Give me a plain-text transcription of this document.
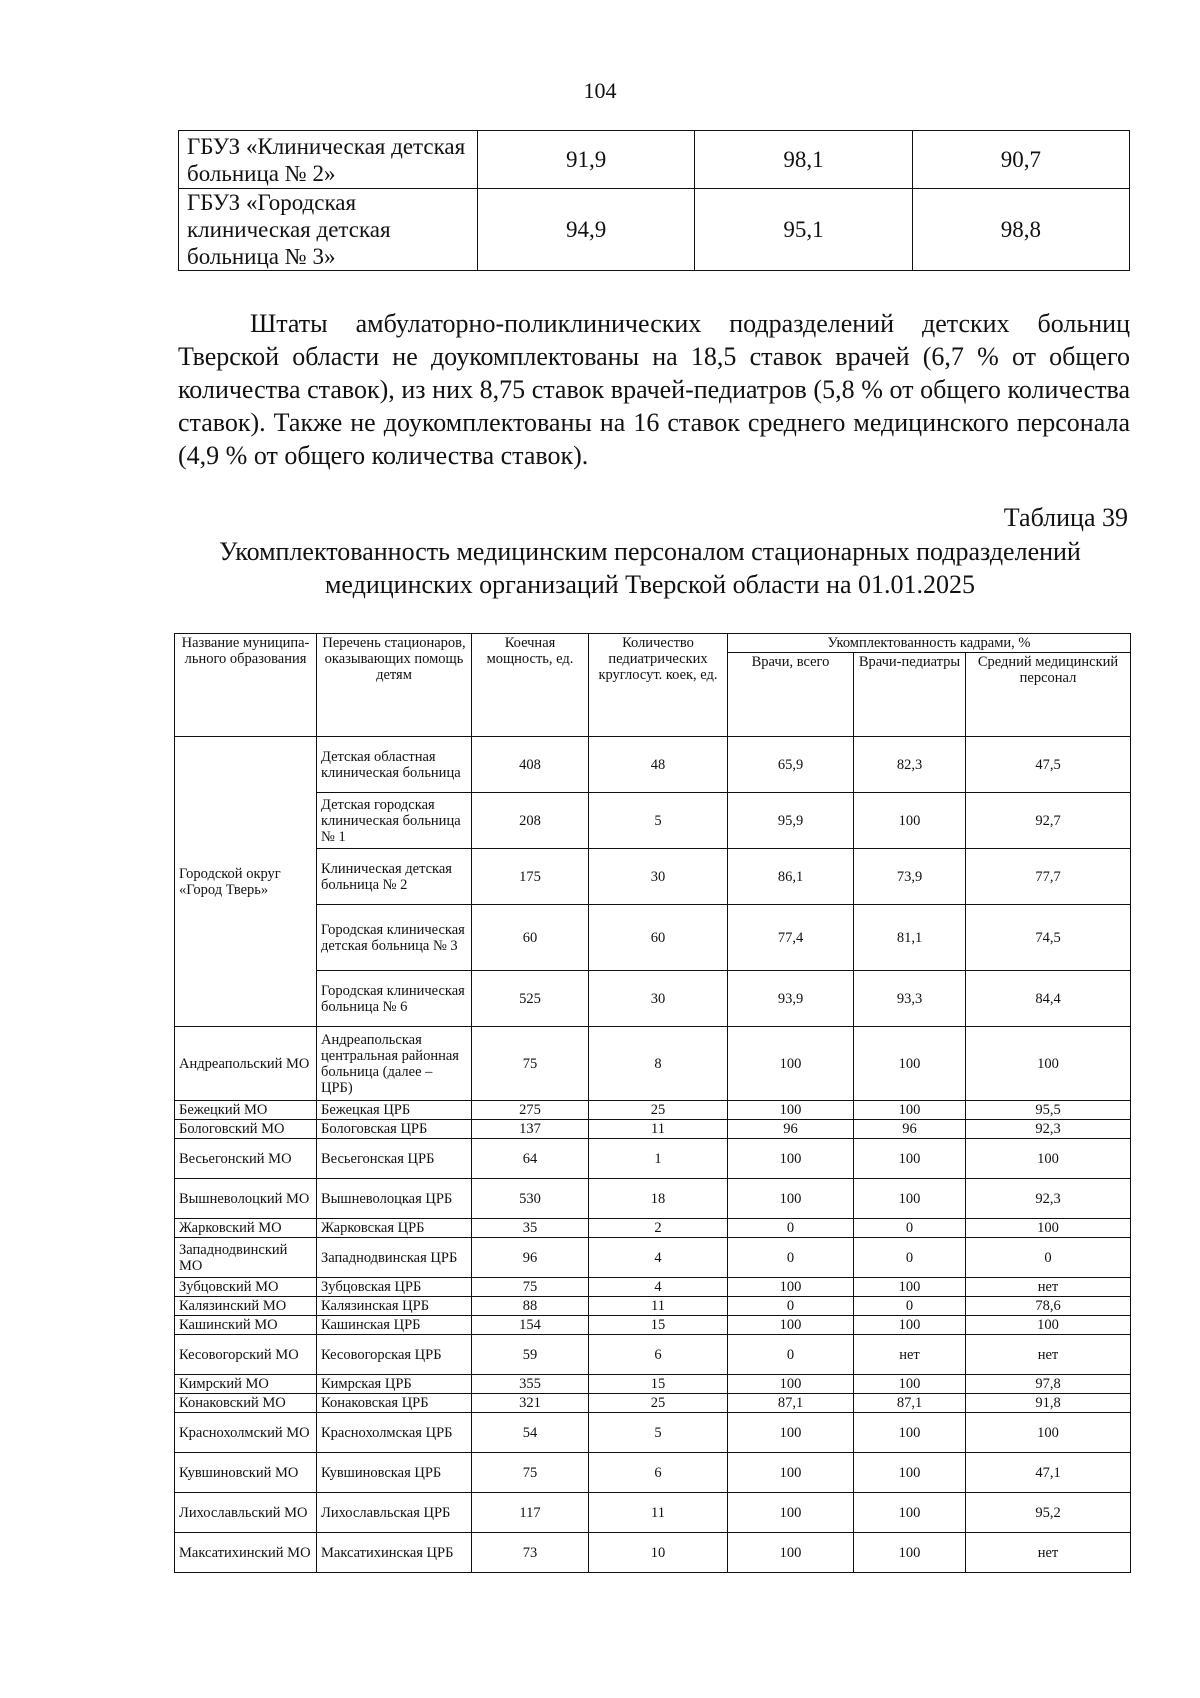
104
ГБУЗ «Клиническая детская больница № 2»	91,9	98,1	90,7
ГБУЗ «Городская клиническая детская больница № 3»	94,9	95,1	98,8

Штаты амбулаторно-поликлинических подразделений детских больниц Тверской области не доукомплектованы на 18,5 ставок врачей (6,7 % от общего количества ставок), из них 8,75 ставок врачей-педиатров (5,8 % от общего количества ставок). Также не доукомплектованы на 16 ставок среднего медицинского персонала (4,9 % от общего количества ставок).

Таблица 39
Укомплектованность медицинским персоналом стационарных подразделений медицинских организаций Тверской области на 01.01.2025
Название муниципа-льного образования	Перечень стационаров, оказывающих помощь детям	Коечная мощность, ед.	Количество педиатрических круглосут. коек, ед.	Укомплектованность кадрами, %		
				Врачи, всего	Врачи-педиатры	Средний медицинский персонал
Городской округ «Город Тверь»	Детская областная клиническая больница	408	48	65,9	82,3	47,5
	Детская городская клиническая больница № 1	208	5	95,9	100	92,7
	Клиническая детская больница № 2	175	30	86,1	73,9	77,7
	Городская клиническая детская больница № 3	60	60	77,4	81,1	74,5
	Городская клиническая больница № 6	525	30	93,9	93,3	84,4
Андреапольский МО	Андреапольская центральная районная больница (далее – ЦРБ)	75	8	100	100	100
Бежецкий МО	Бежецкая ЦРБ	275	25	100	100	95,5
Бологовский МО	Бологовская ЦРБ	137	11	96	96	92,3
Весьегонский МО	Весьегонская ЦРБ	64	1	100	100	100
Вышневолоцкий МО	Вышневолоцкая ЦРБ	530	18	100	100	92,3
Жарковский МО	Жарковская ЦРБ	35	2	0	0	100
Западнодвинский МО	Западнодвинская ЦРБ	96	4	0	0	0
Зубцовский МО	Зубцовская ЦРБ	75	4	100	100	нет
Калязинский МО	Калязинская ЦРБ	88	11	0	0	78,6
Кашинский МО	Кашинская ЦРБ	154	15	100	100	100
Кесовогорский МО	Кесовогорская ЦРБ	59	6	0	нет	нет
Кимрский МО	Кимрская ЦРБ	355	15	100	100	97,8
Конаковский МО	Конаковская ЦРБ	321	25	87,1	87,1	91,8
Краснохолмский МО	Краснохолмская ЦРБ	54	5	100	100	100
Кувшиновский МО	Кувшиновская ЦРБ	75	6	100	100	47,1
Лихославльский МО	Лихославльская ЦРБ	117	11	100	100	95,2
Максатихинский МО	Максатихинская ЦРБ	73	10	100	100	нет
